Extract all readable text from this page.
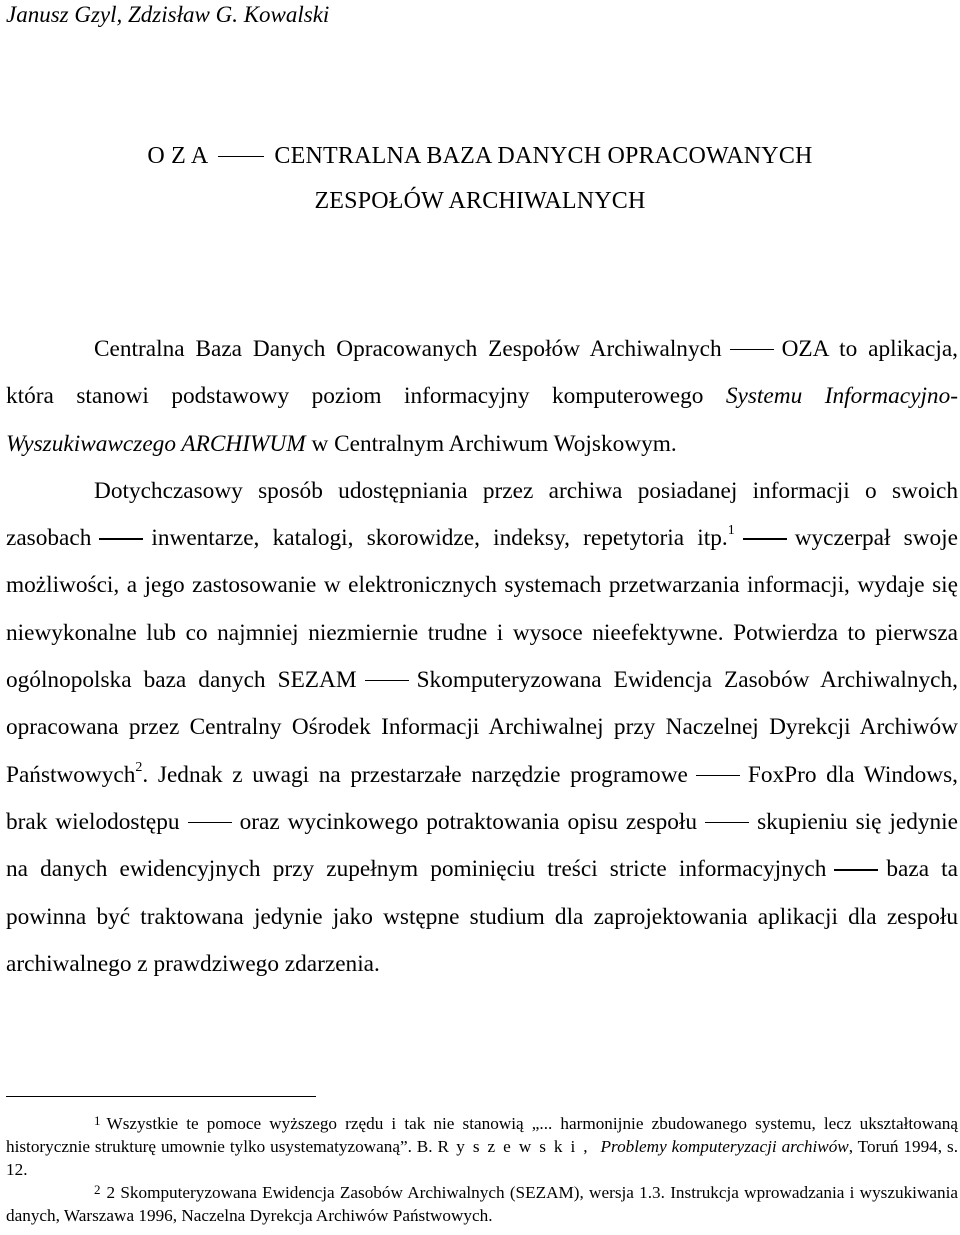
Janusz Gzyl, Zdzisław G. Kowalski
O Z A	CENTRALNA BAZA DANYCH OPRACOWANYCH
ZESPOŁÓW ARCHIWALNYCH

Centralna Baza Danych Opracowanych Zespołów Archiwalnych	OZA to aplikacja, która stanowi podstawowy poziom informacyjny komputerowego Systemu Informacyjno-Wyszukiwawczego ARCHIWUM w Centralnym Archiwum Wojskowym.

Dotychczasowy sposób udostępniania przez archiwa posiadanej informacji o swoich zasobach	inwentarze, katalogi, skorowidze, indeksy, repetytoria itp.$^1$	wyczerpał swoje możliwości, a jego zastosowanie w elektronicznych systemach przetwarzania informacji, wydaje się niewykonalne lub co najmniej niezmiernie trudne i wysoce nieefektywne. Potwierdza to pierwsza ogólnopolska baza danych SEZAM	Skomputeryzowana Ewidencja Zasobów Archiwalnych, opracowana przez Centralny Ośrodek Informacji Archiwalnej przy Naczelnej Dyrekcji Archiwów Państwowych$^2$. Jednak z uwagi na przestarzałe narzędzie programowe	FoxPro dla Windows, brak wielodostępu	oraz wycinkowego potraktowania opisu zespołu	skupieniu się jedynie na danych ewidencyjnych przy zupełnym pominięciu treści stricte informacyjnych	baza ta powinna być traktowana jedynie jako wstępne studium dla zaprojektowania aplikacji dla zespołu archiwalnego z prawdziwego zdarzenia.

$^1$ Wszystkie te pomoce wyższego rzędu i tak nie stanowią „... harmonijnie zbudowanego systemu, lecz ukształtowaną historycznie strukturę umownie tylko usystematyzowaną”. B. Ryszewski, Problemy komputeryzacji archiwów, Toruń 1994, s. 12.

$^2$ 2 Skomputeryzowana Ewidencja Zasobów Archiwalnych (SEZAM), wersja 1.3. Instrukcja wprowadzania i wyszukiwania danych, Warszawa 1996, Naczelna Dyrekcja Archiwów Państwowych.
